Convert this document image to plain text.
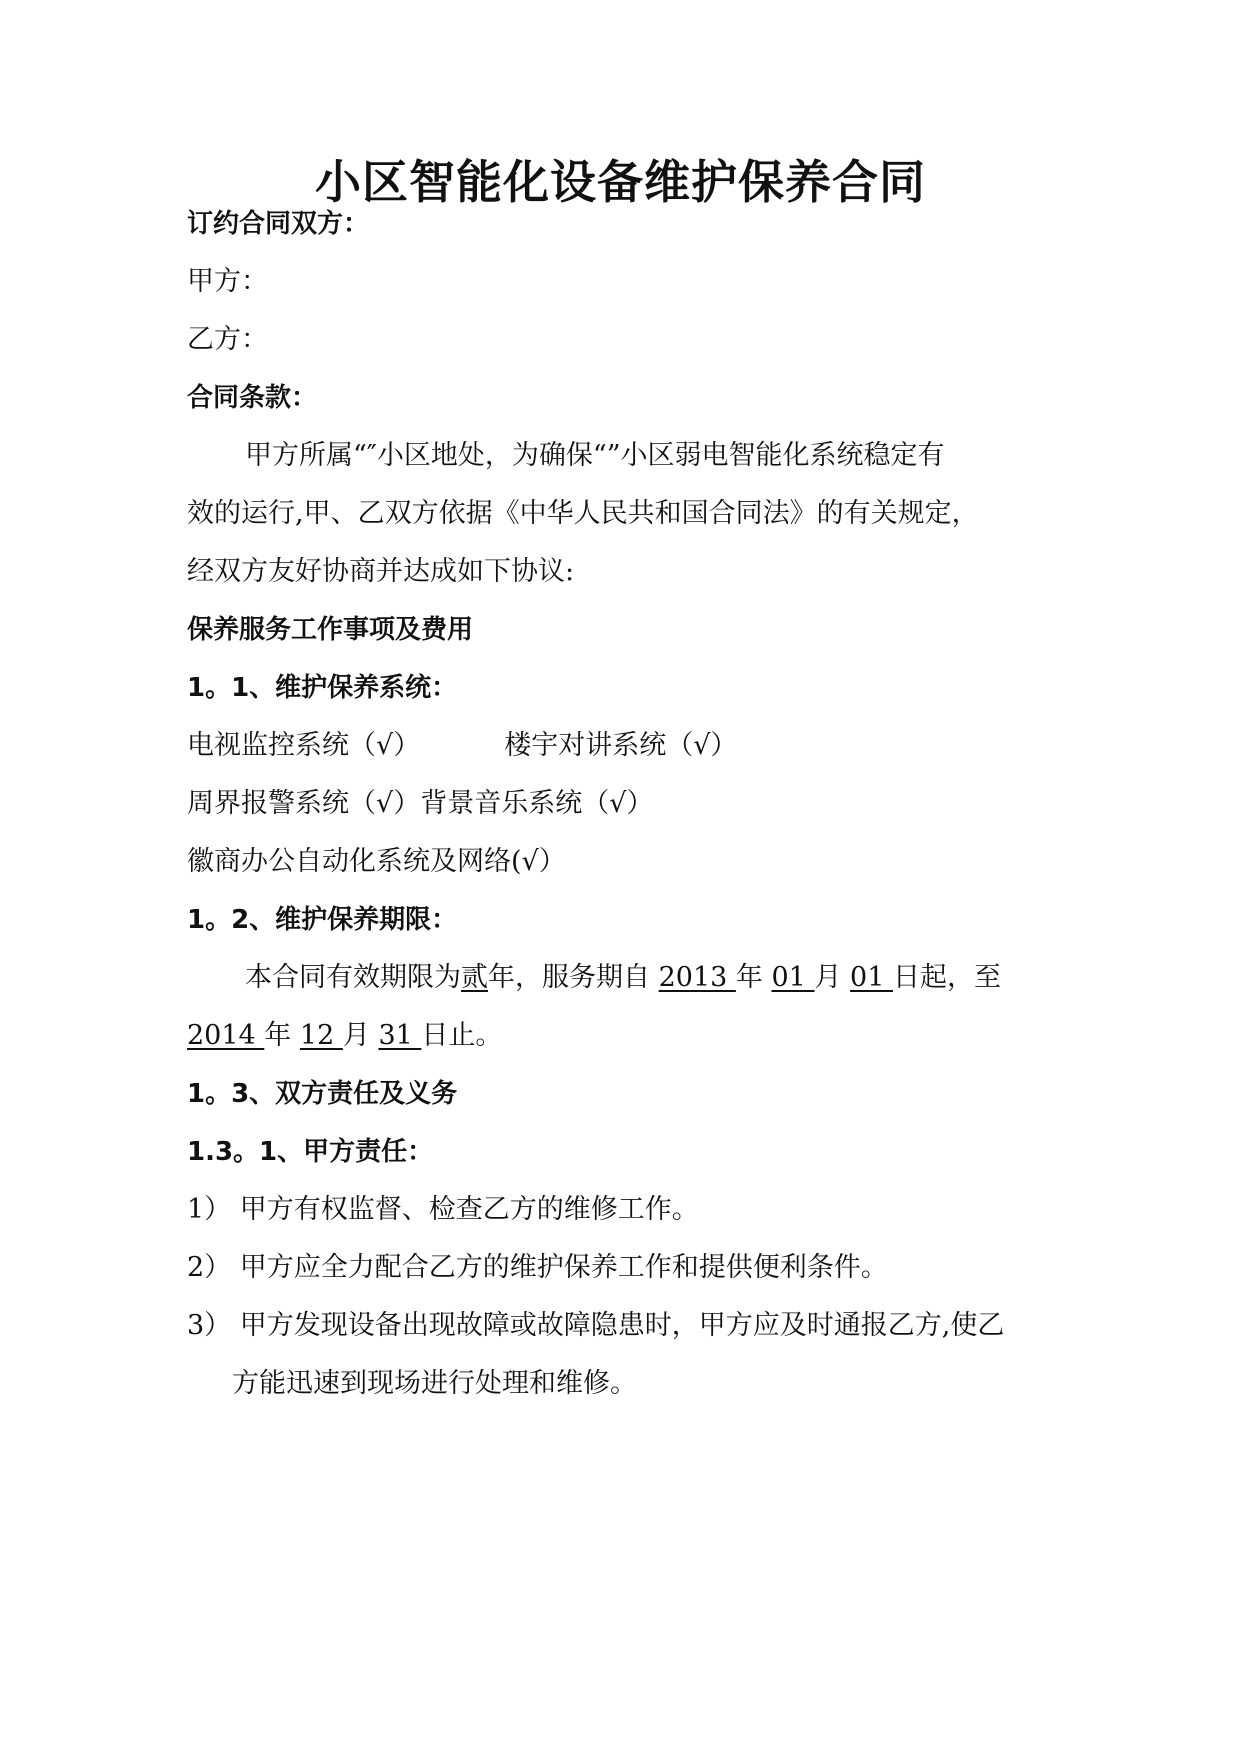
小区智能化设备维护保养合同
订约合同双方：
甲方：
乙方：
合同条款：
甲方所属“″小区地处，为确保“”小区弱电智能化系统稳定有
效的运行,甲、乙双方依据《中华人民共和国合同法》的有关规定，
经双方友好协商并达成如下协议:
保养服务工作事项及费用
1。1、维护保养系统：
电视监控系统（√）	楼宇对讲系统（√）
周界报警系统（√）背景音乐系统（√）
徽商办公自动化系统及网络(√）
1。2、维护保养期限：
本合同有效期限为贰年，服务期自 2013 年 01 月 01 日起，至
2014 年 12 月 31 日止。
1。3、双方责任及义务
1.3。1、甲方责任：
1） 甲方有权监督、检查乙方的维修工作。
2） 甲方应全力配合乙方的维护保养工作和提供便利条件。
3） 甲方发现设备出现故障或故障隐患时，甲方应及时通报乙方,使乙
方能迅速到现场进行处理和维修。
